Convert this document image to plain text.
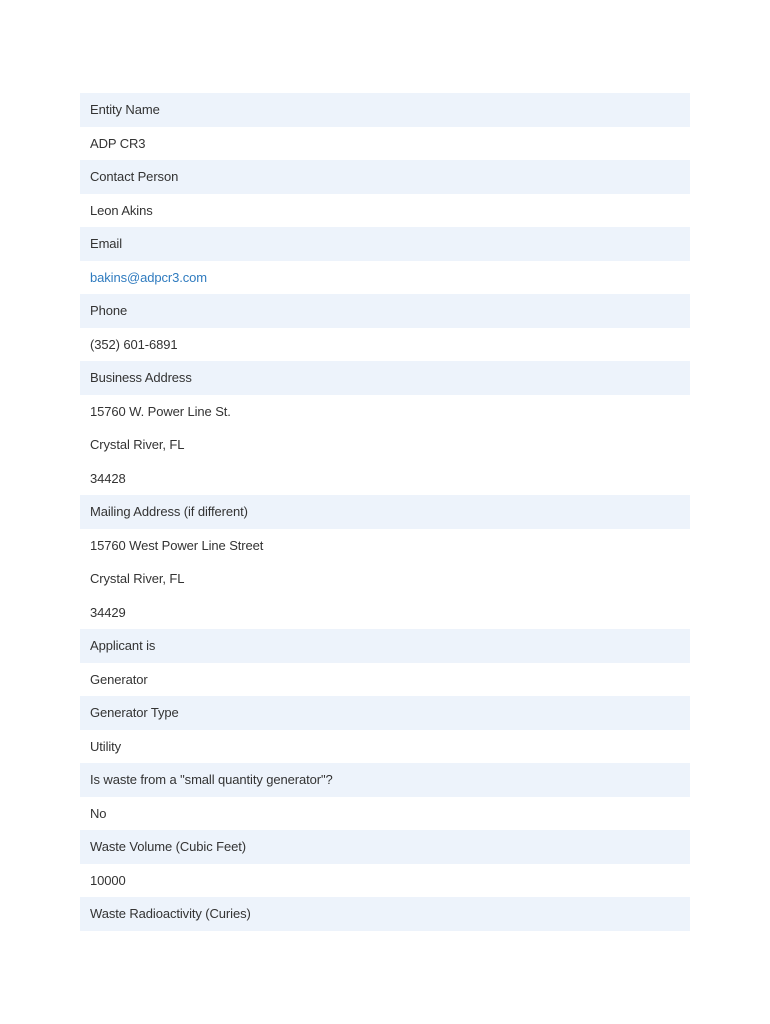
Entity Name
ADP CR3
Contact Person
Leon Akins
Email
bakins@adpcr3.com
Phone
(352) 601-6891
Business Address
15760 W. Power Line St.
Crystal River, FL
34428
Mailing Address (if different)
15760 West Power Line Street
Crystal River, FL
34429
Applicant is
Generator
Generator Type
Utility
Is waste from a "small quantity generator"?
No
Waste Volume (Cubic Feet)
10000
Waste Radioactivity (Curies)
